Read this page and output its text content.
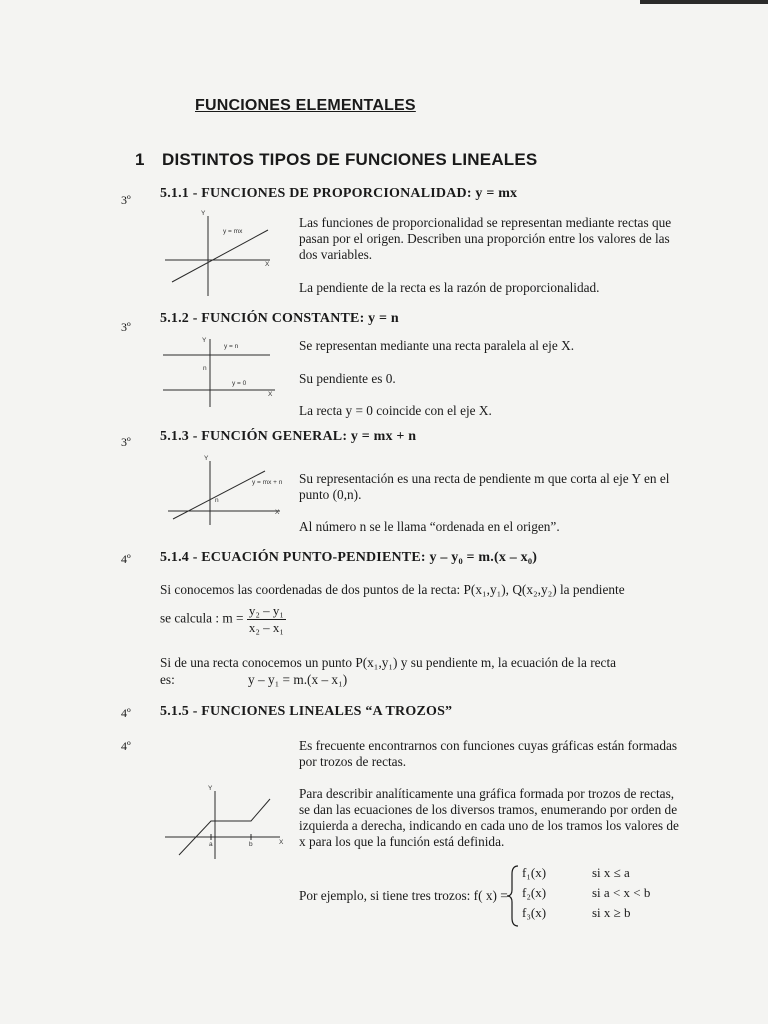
FUNCIONES ELEMENTALES
1 DISTINTOS TIPOS DE FUNCIONES LINEALES
3º 5.1.1 - FUNCIONES DE PROPORCIONALIDAD: y = mx
Y
X
y = mx
Las funciones de proporcionalidad se representan mediante rectas que pasan por el origen. Describen una proporción entre los valores de las dos variables.
La pendiente de la recta es la razón de proporcionalidad.
3º
5.1.2 - FUNCIÓN CONSTANTE: y = n
Y
y = n
n
y = 0
X
Se representan mediante una recta paralela al eje X.
Su pendiente es 0.
La recta y = 0 coincide con el eje X.
3º 5.1.3 - FUNCIÓN GENERAL: y = mx + n
Y
y = mx + n
n
X
Su representación es una recta de pendiente m que corta al eje Y en el punto (0,n).
Al número n se le llama “ordenada en el origen”.
4º 5.1.4 - ECUACIÓN PUNTO-PENDIENTE: y – y₀ = m.(x – x₀)
Si conocemos las coordenadas de dos puntos de la recta: P(x₁,y₁), Q(x₂,y₂) la pendiente
se calcula : $m = \frac{\text{y₂ – y₁}}{\text{x₂ – x₁}}$
Si de una recta conocemos un punto P(x₁,y₁) y su pendiente m, la ecuación de la recta
es:	y – y₁ = m.(x – x₁)
4º 5.1.5 - FUNCIONES LINEALES “A TROZOS”
4º	Es frecuente encontrarnos con funciones cuyas gráficas están formadas por trozos de rectas.
Para describir analíticamente una gráfica formada por trozos de rectas, se dan las ecuaciones de los diversos tramos, enumerando por orden de izquierda a derecha, indicando en cada uno de los tramos los valores de x para los que la función está definida.
Y
a	b	X
Por ejemplo, si tiene tres trozos: f( x) =
f₁(x)	si x ≤ a
f₂(x)	si a < x < b
f₃(x)	si x ≥ b
